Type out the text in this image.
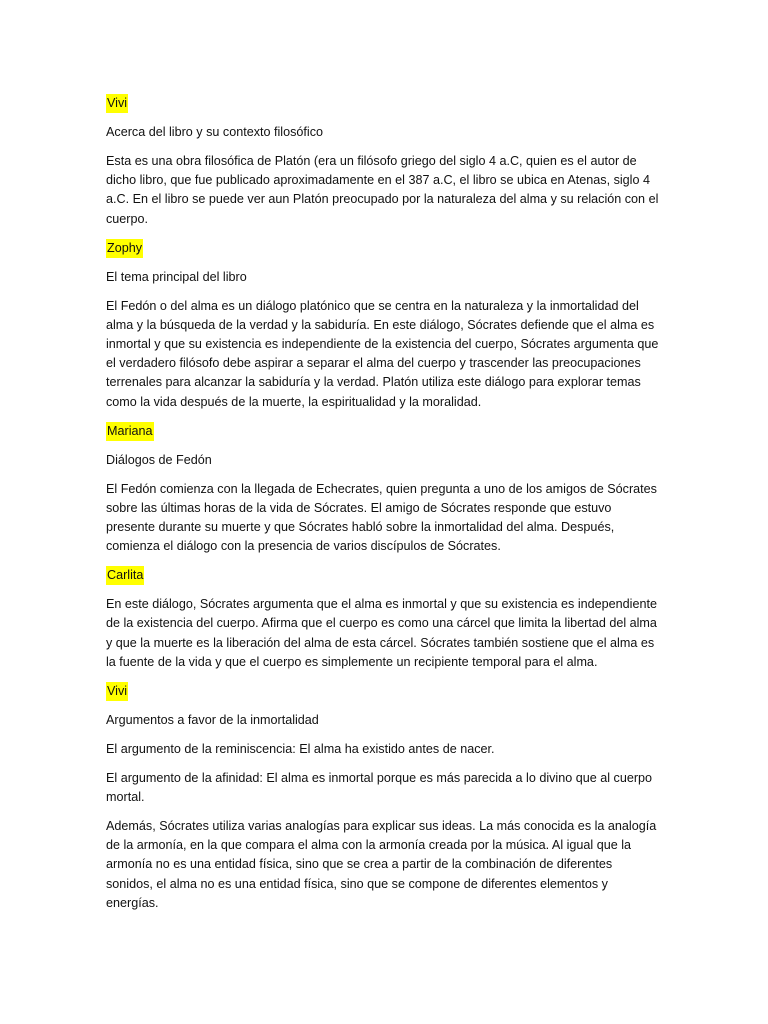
Vivi
Acerca del libro y su contexto filosófico
Esta es una obra filosófica de Platón (era un filósofo griego del siglo 4 a.C, quien es el autor de dicho libro, que fue publicado aproximadamente en el 387 a.C, el libro se ubica en Atenas, siglo 4 a.C. En el libro se puede ver aun Platón preocupado por la naturaleza del alma y su relación con el cuerpo.
Zophy
El tema principal del libro
El Fedón o del alma es un diálogo platónico que se centra en la naturaleza y la inmortalidad del alma y la búsqueda de la verdad y la sabiduría. En este diálogo, Sócrates defiende que el alma es inmortal y que su existencia es independiente de la existencia del cuerpo, Sócrates argumenta que el verdadero filósofo debe aspirar a separar el alma del cuerpo y trascender las preocupaciones terrenales para alcanzar la sabiduría y la verdad. Platón utiliza este diálogo para explorar temas como la vida después de la muerte, la espiritualidad y la moralidad.
Mariana
Diálogos de Fedón
El Fedón comienza con la llegada de Echecrates, quien pregunta a uno de los amigos de Sócrates sobre las últimas horas de la vida de Sócrates. El amigo de Sócrates responde que estuvo presente durante su muerte y que Sócrates habló sobre la inmortalidad del alma. Después, comienza el diálogo con la presencia de varios discípulos de Sócrates.
Carlita
En este diálogo, Sócrates argumenta que el alma es inmortal y que su existencia es independiente de la existencia del cuerpo. Afirma que el cuerpo es como una cárcel que limita la libertad del alma y que la muerte es la liberación del alma de esta cárcel. Sócrates también sostiene que el alma es la fuente de la vida y que el cuerpo es simplemente un recipiente temporal para el alma.
Vivi
Argumentos a favor de la inmortalidad
El argumento de la reminiscencia: El alma ha existido antes de nacer.
El argumento de la afinidad: El alma es inmortal porque es más parecida a lo divino que al cuerpo mortal.
Además, Sócrates utiliza varias analogías para explicar sus ideas. La más conocida es la analogía de la armonía, en la que compara el alma con la armonía creada por la música. Al igual que la armonía no es una entidad física, sino que se crea a partir de la combinación de diferentes sonidos, el alma no es una entidad física, sino que se compone de diferentes elementos y energías.
